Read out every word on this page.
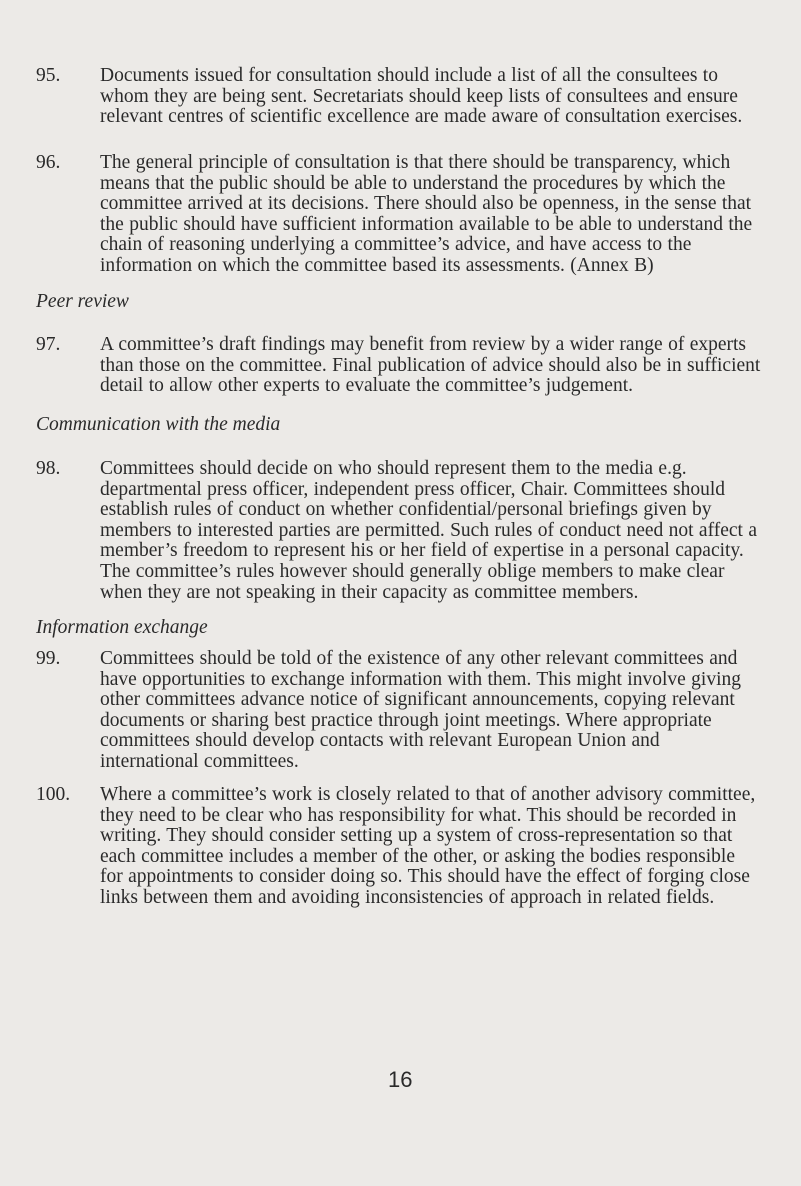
95.	Documents issued for consultation should include a list of all the consultees to whom they are being sent. Secretariats should keep lists of consultees and ensure relevant centres of scientific excellence are made aware of consultation exercises.
96.	The general principle of consultation is that there should be transparency, which means that the public should be able to understand the procedures by which the committee arrived at its decisions. There should also be openness, in the sense that the public should have sufficient information available to be able to understand the chain of reasoning underlying a committee’s advice, and have access to the information on which the committee based its assessments. (Annex B)
Peer review
97.	A committee’s draft findings may benefit from review by a wider range of experts than those on the committee. Final publication of advice should also be in sufficient detail to allow other experts to evaluate the committee’s judgement.
Communication with the media
98.	Committees should decide on who should represent them to the media e.g. departmental press officer, independent press officer, Chair. Committees should establish rules of conduct on whether confidential/personal briefings given by members to interested parties are permitted. Such rules of conduct need not affect a member’s freedom to represent his or her field of expertise in a personal capacity. The committee’s rules however should generally oblige members to make clear when they are not speaking in their capacity as committee members.
Information exchange
99.	Committees should be told of the existence of any other relevant committees and have opportunities to exchange information with them. This might involve giving other committees advance notice of significant announcements, copying relevant documents or sharing best practice through joint meetings. Where appropriate committees should develop contacts with relevant European Union and international committees.
100.	Where a committee’s work is closely related to that of another advisory committee, they need to be clear who has responsibility for what. This should be recorded in writing. They should consider setting up a system of cross-representation so that each committee includes a member of the other, or asking the bodies responsible for appointments to consider doing so. This should have the effect of forging close links between them and avoiding inconsistencies of approach in related fields.
16
